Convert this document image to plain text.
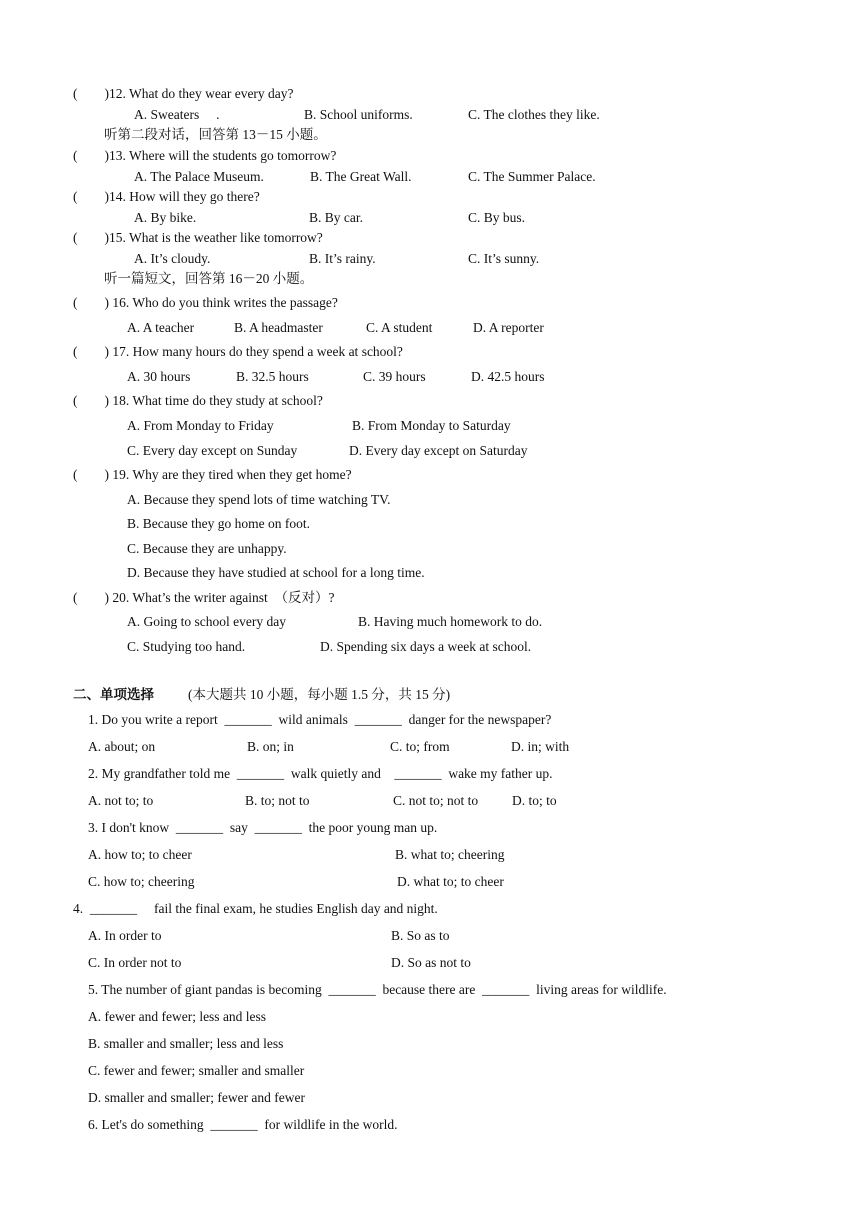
(        )12. What do they wear every day?
A. Sweaters     .	B. School uniforms.	C. The clothes they like.
听第二段对话，回答第 13－15 小题。
(        )13. Where will the students go tomorrow?
A. The Palace Museum.	B. The Great Wall.	C. The Summer Palace.
(        )14. How will they go there?
A. By bike.	B. By car.	C. By bus.
(        )15. What is the weather like tomorrow?
A. It’s cloudy.	B. It’s rainy.	C. It’s sunny.
听一篇短文，回答第 16－20 小题。
(        ) 16. Who do you think writes the passage?
A. A teacher	B. A headmaster	C. A student	D. A reporter
(        ) 17. How many hours do they spend a week at school?
A. 30 hours	B. 32.5 hours	C. 39 hours	D. 42.5 hours
(        ) 18. What time do they study at school?
A. From Monday to Friday	B. From Monday to Saturday
C. Every day except on Sunday	D. Every day except on Saturday
(        ) 19. Why are they tired when they get home?
A. Because they spend lots of time watching TV.
B. Because they go home on foot.
C. Because they are unhappy.
D. Because they have studied at school for a long time.
(        ) 20. What’s the writer against  （反对）?
A. Going to school every day	B. Having much homework to do.
C. Studying too hand.	D. Spending six days a week at school.
二、单项选择	(本大题共 10 小题，每小题 1.5 分，共 15 分)
1. Do you write a report  _______  wild animals  _______  danger for the newspaper?
A. about; on	B. on; in	C. to; from	D. in; with
2. My grandfather told me  _______  walk quietly and    _______  wake my father up.
A. not to; to	B. to; not to	C. not to; not to	D. to; to
3. I don't know  _______  say  _______  the poor young man up.
A. how to; to cheer	B. what to; cheering
C. how to; cheering	D. what to; to cheer
4.  _______     fail the final exam, he studies English day and night.
A. In order to	B. So as to
C. In order not to	D. So as not to
5. The number of giant pandas is becoming  _______  because there are  _______  living areas for wildlife.
A. fewer and fewer; less and less
B. smaller and smaller; less and less
C. fewer and fewer; smaller and smaller
D. smaller and smaller; fewer and fewer
6. Let's do something  _______  for wildlife in the world.
